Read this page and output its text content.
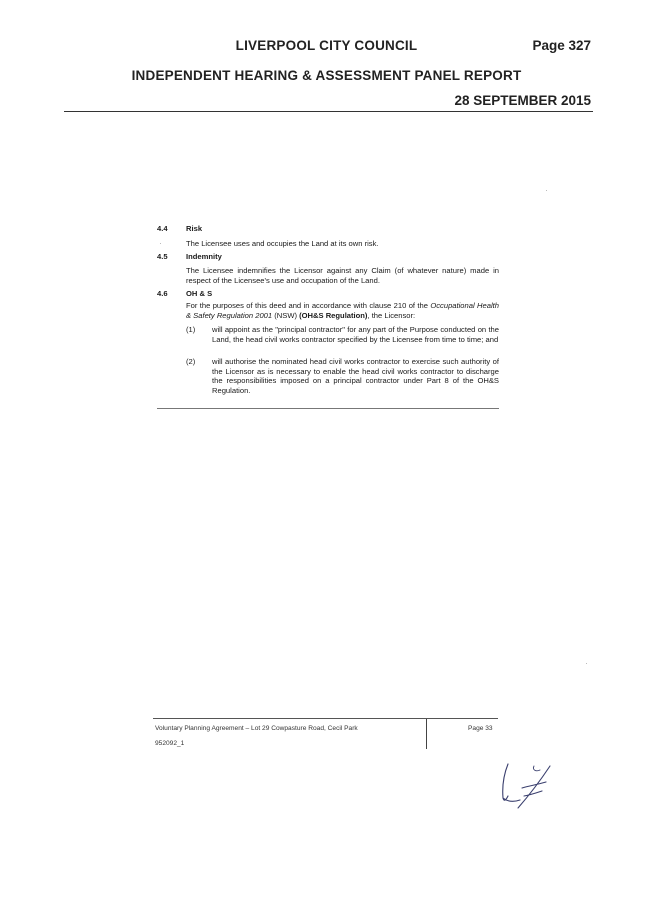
LIVERPOOL CITY COUNCIL	Page 327
INDEPENDENT HEARING & ASSESSMENT PANEL REPORT
28 SEPTEMBER 2015
4.4 Risk
The Licensee uses and occupies the Land at its own risk.
4.5 Indemnity
The Licensee indemnifies the Licensor against any Claim (of whatever nature) made in respect of the Licensee's use and occupation of the Land.
4.6 OH & S
For the purposes of this deed and in accordance with clause 210 of the Occupational Health & Safety Regulation 2001 (NSW) (OH&S Regulation), the Licensor:
(1) will appoint as the "principal contractor" for any part of the Purpose conducted on the Land, the head civil works contractor specified by the Licensee from time to time; and
(2) will authorise the nominated head civil works contractor to exercise such authority of the Licensor as is necessary to enable the head civil works contractor to discharge the responsibilities imposed on a principal contractor under Part 8 of the OH&S Regulation.
Voluntary Planning Agreement – Lot 29 Cowpasture Road, Cecil Park
952092_1
Page 33
